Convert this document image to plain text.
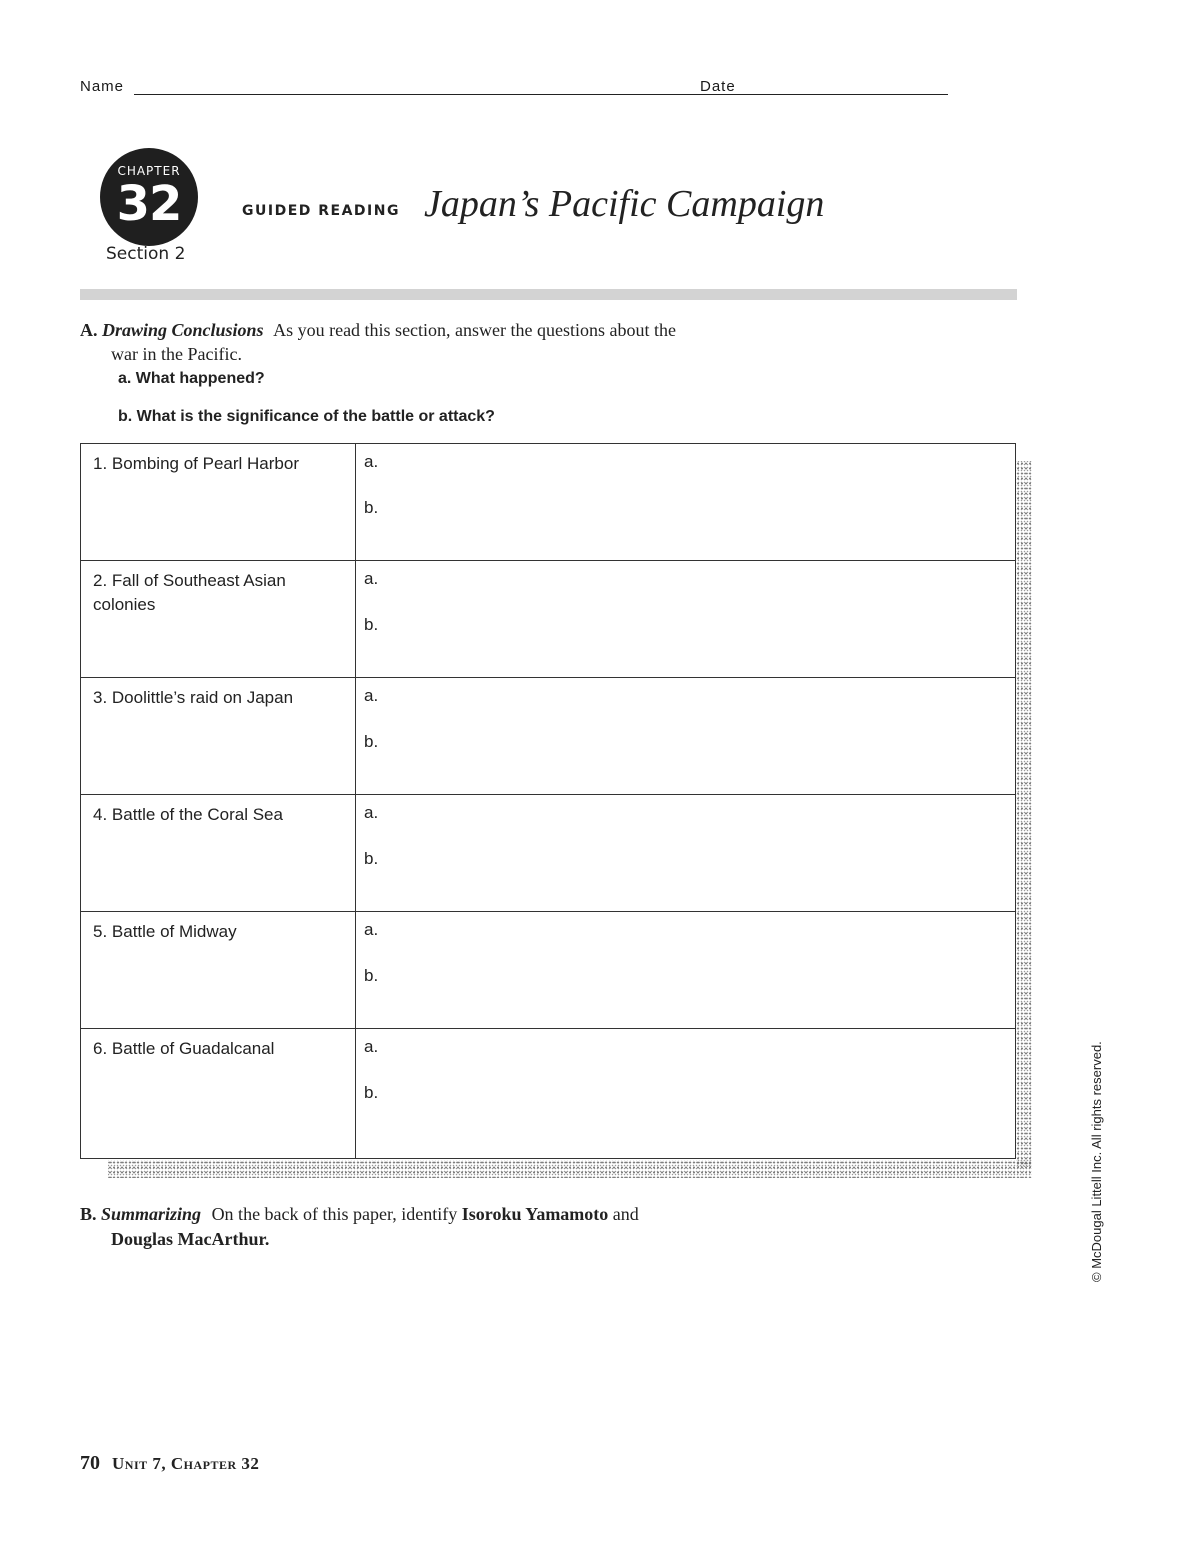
Name	Date
CHAPTER
32
Section 2
GUIDED READING Japan’s Pacific Campaign
A. Drawing Conclusions As you read this section, answer the questions about the
war in the Pacific.
a. What happened?
b. What is the significance of the battle or attack?
1. Bombing of Pearl Harbor	a.
b.

2. Fall of Southeast Asian colonies	a.
b.

3. Doolittle’s raid on Japan	a.
b.

4. Battle of the Coral Sea	a.
b.

5. Battle of Midway	a.
b.

6. Battle of Guadalcanal	a.
b.
B. Summarizing On the back of this paper, identify Isoroku Yamamoto and
Douglas MacArthur.	© McDougal Littell Inc. All rights reserved.
70 Unit 7, Chapter 32
